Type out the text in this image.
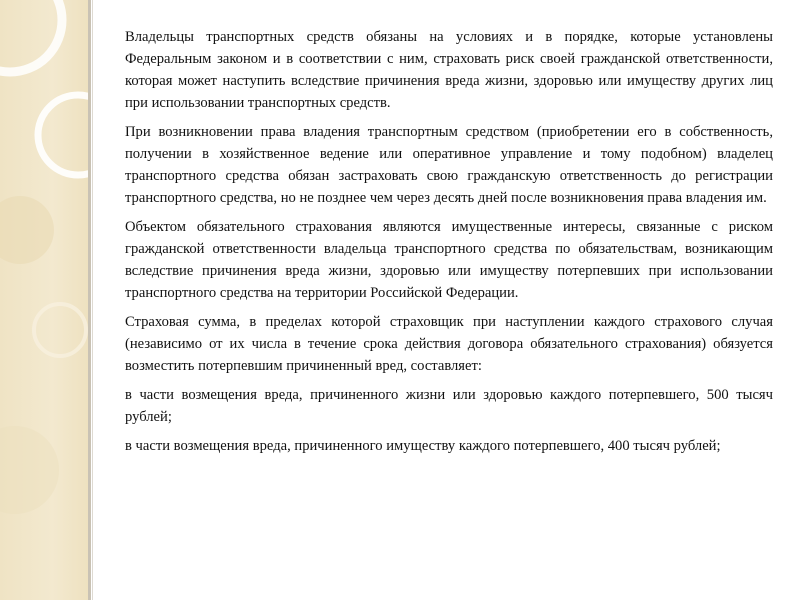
Владельцы транспортных средств обязаны на условиях и в порядке, которые установлены Федеральным законом и в соответствии с ним, страховать риск своей гражданской ответственности, которая может наступить вследствие причинения вреда жизни, здоровью или имуществу других лиц при использовании транспортных средств.

При возникновении права владения транспортным средством (приобретении его в собственность, получении в хозяйственное ведение или оперативное управление и тому подобном) владелец транспортного средства обязан застраховать свою гражданскую ответственность до регистрации транспортного средства, но не позднее чем через десять дней после возникновения права владения им.

Объектом обязательного страхования являются имущественные интересы, связанные с риском гражданской ответственности владельца транспортного средства по обязательствам, возникающим вследствие причинения вреда жизни, здоровью или имуществу потерпевших при использовании транспортного средства на территории Российской Федерации.

Страховая сумма, в пределах которой страховщик при наступлении каждого страхового случая (независимо от их числа в течение срока действия договора обязательного страхования) обязуется возместить потерпевшим причиненный вред, составляет:

в части возмещения вреда, причиненного жизни или здоровью каждого потерпевшего, 500 тысяч рублей;

в части возмещения вреда, причиненного имуществу каждого потерпевшего, 400 тысяч рублей;
